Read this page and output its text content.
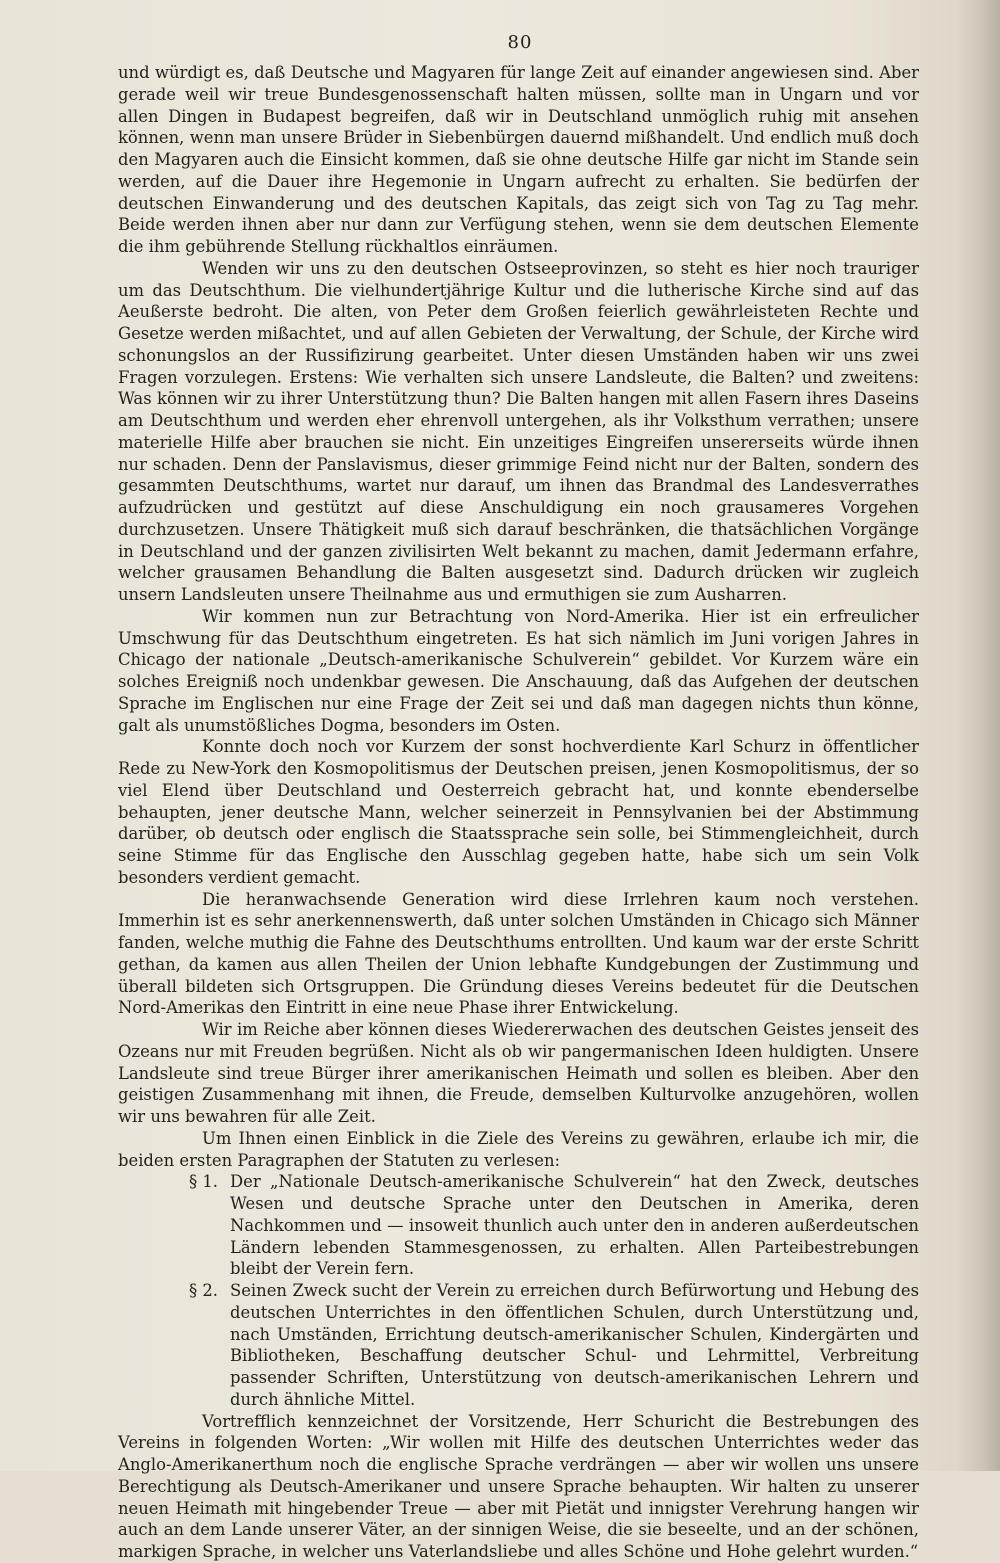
80

und würdigt es, daß Deutsche und Magyaren für lange Zeit auf einander angewiesen sind. Aber gerade weil wir treue Bundesgenossenschaft halten müssen, sollte man in Ungarn und vor allen Dingen in Budapest begreifen, daß wir in Deutschland unmöglich ruhig mit ansehen können, wenn man unsere Brüder in Siebenbürgen dauernd mißhandelt. Und endlich muß doch den Magyaren auch die Einsicht kommen, daß sie ohne deutsche Hilfe gar nicht im Stande sein werden, auf die Dauer ihre Hegemonie in Ungarn aufrecht zu erhalten. Sie bedürfen der deutschen Einwanderung und des deutschen Kapitals, das zeigt sich von Tag zu Tag mehr. Beide werden ihnen aber nur dann zur Verfügung stehen, wenn sie dem deutschen Elemente die ihm gebührende Stellung rückhaltlos einräumen.

Wenden wir uns zu den deutschen Ostseeprovinzen, so steht es hier noch trauriger um das Deutschthum. Die vielhundertjährige Kultur und die lutherische Kirche sind auf das Aeußerste bedroht. Die alten, von Peter dem Großen feierlich gewährleisteten Rechte und Gesetze werden mißachtet, und auf allen Gebieten der Verwaltung, der Schule, der Kirche wird schonungslos an der Russifizirung gearbeitet. Unter diesen Umständen haben wir uns zwei Fragen vorzulegen. Erstens: Wie verhalten sich unsere Landsleute, die Balten? und zweitens: Was können wir zu ihrer Unterstützung thun? Die Balten hangen mit allen Fasern ihres Daseins am Deutschthum und werden eher ehrenvoll untergehen, als ihr Volksthum verrathen; unsere materielle Hilfe aber brauchen sie nicht. Ein unzeitiges Eingreifen unsererseits würde ihnen nur schaden. Denn der Panslavismus, dieser grimmige Feind nicht nur der Balten, sondern des gesammten Deutschthums, wartet nur darauf, um ihnen das Brandmal des Landesverrathes aufzudrücken und gestützt auf diese Anschuldigung ein noch grausameres Vorgehen durchzusetzen. Unsere Thätigkeit muß sich darauf beschränken, die thatsächlichen Vorgänge in Deutschland und der ganzen zivilisirten Welt bekannt zu machen, damit Jedermann erfahre, welcher grausamen Behandlung die Balten ausgesetzt sind. Dadurch drücken wir zugleich unsern Landsleuten unsere Theilnahme aus und ermuthigen sie zum Ausharren.

Wir kommen nun zur Betrachtung von Nord-Amerika. Hier ist ein erfreulicher Umschwung für das Deutschthum eingetreten. Es hat sich nämlich im Juni vorigen Jahres in Chicago der nationale „Deutsch-amerikanische Schulverein“ gebildet. Vor Kurzem wäre ein solches Ereigniß noch undenkbar gewesen. Die Anschauung, daß das Aufgehen der deutschen Sprache im Englischen nur eine Frage der Zeit sei und daß man dagegen nichts thun könne, galt als unumstößliches Dogma, besonders im Osten.

Konnte doch noch vor Kurzem der sonst hochverdiente Karl Schurz in öffentlicher Rede zu New-York den Kosmopolitismus der Deutschen preisen, jenen Kosmopolitismus, der so viel Elend über Deutschland und Oesterreich gebracht hat, und konnte ebenderselbe behaupten, jener deutsche Mann, welcher seinerzeit in Pennsylvanien bei der Abstimmung darüber, ob deutsch oder englisch die Staatssprache sein solle, bei Stimmengleichheit, durch seine Stimme für das Englische den Ausschlag gegeben hatte, habe sich um sein Volk besonders verdient gemacht.

Die heranwachsende Generation wird diese Irrlehren kaum noch verstehen. Immerhin ist es sehr anerkennenswerth, daß unter solchen Umständen in Chicago sich Männer fanden, welche muthig die Fahne des Deutschthums entrollten. Und kaum war der erste Schritt gethan, da kamen aus allen Theilen der Union lebhafte Kundgebungen der Zustimmung und überall bildeten sich Ortsgruppen. Die Gründung dieses Vereins bedeutet für die Deutschen Nord-Amerikas den Eintritt in eine neue Phase ihrer Entwickelung.

Wir im Reiche aber können dieses Wiedererwachen des deutschen Geistes jenseit des Ozeans nur mit Freuden begrüßen. Nicht als ob wir pangermanischen Ideen huldigten. Unsere Landsleute sind treue Bürger ihrer amerikanischen Heimath und sollen es bleiben. Aber den geistigen Zusammenhang mit ihnen, die Freude, demselben Kulturvolke anzugehören, wollen wir uns bewahren für alle Zeit.

Um Ihnen einen Einblick in die Ziele des Vereins zu gewähren, erlaube ich mir, die beiden ersten Paragraphen der Statuten zu verlesen:

§ 1. Der „Nationale Deutsch-amerikanische Schulverein“ hat den Zweck, deutsches Wesen und deutsche Sprache unter den Deutschen in Amerika, deren Nachkommen und — insoweit thunlich auch unter den in anderen außerdeutschen Ländern lebenden Stammesgenossen, zu erhalten. Allen Parteibestrebungen bleibt der Verein fern.
§ 2. Seinen Zweck sucht der Verein zu erreichen durch Befürwortung und Hebung des deutschen Unterrichtes in den öffentlichen Schulen, durch Unterstützung und, nach Umständen, Errichtung deutsch-amerikanischer Schulen, Kindergärten und Bibliotheken, Beschaffung deutscher Schul- und Lehrmittel, Verbreitung passender Schriften, Unterstützung von deutsch-amerikanischen Lehrern und durch ähnliche Mittel.

Vortrefflich kennzeichnet der Vorsitzende, Herr Schuricht die Bestrebungen des Vereins in folgenden Worten: „Wir wollen mit Hilfe des deutschen Unterrichtes weder das Anglo-Amerikanerthum noch die englische Sprache verdrängen — aber wir wollen uns unsere Berechtigung als Deutsch-Amerikaner und unsere Sprache behaupten. Wir halten zu unserer neuen Heimath mit hingebender Treue — aber mit Pietät und innigster Verehrung hangen wir auch an dem Lande unserer Väter, an der sinnigen Weise, die sie beseelte, und an der schönen, markigen Sprache, in welcher uns Vaterlandsliebe und alles Schöne und Hohe gelehrt wurden.“
